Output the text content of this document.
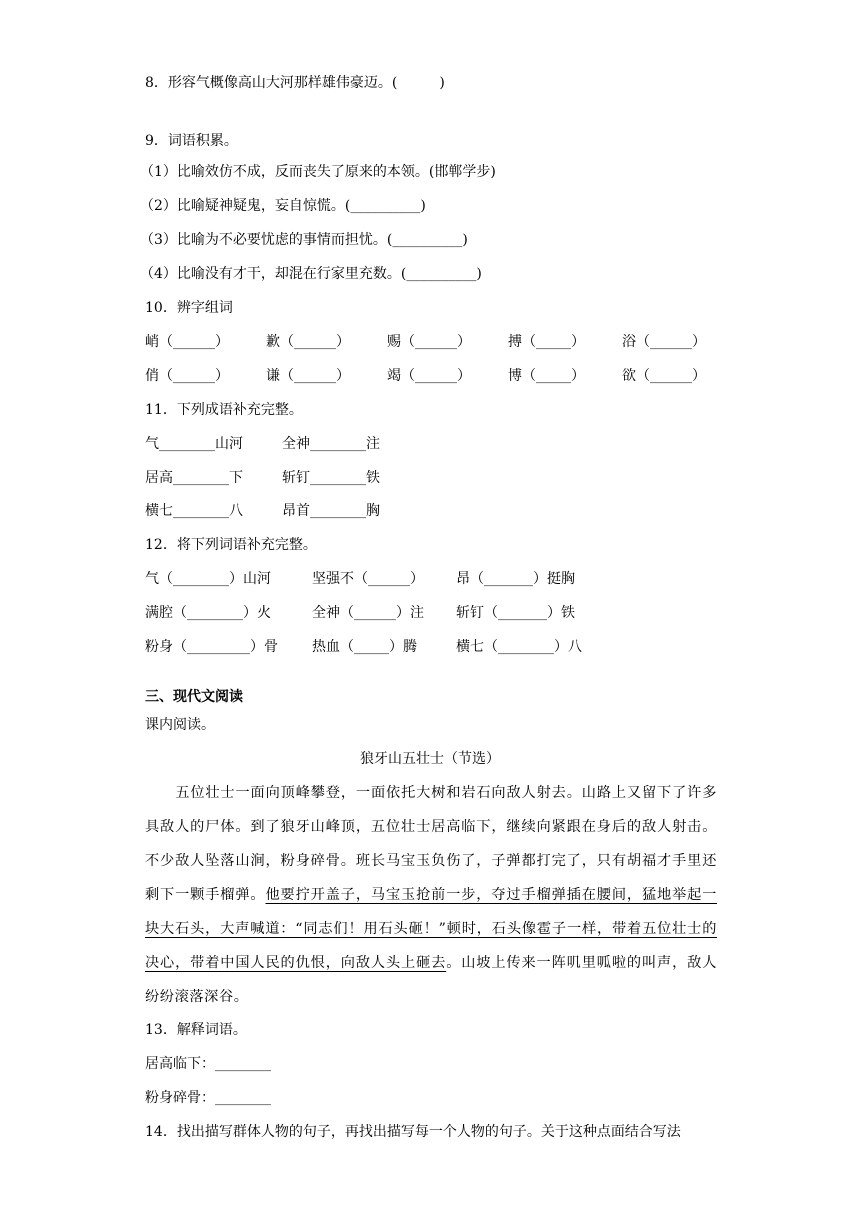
8．形容气概像高山大河那样雄伟豪迈。(　　　)
9．词语积累。
（1）比喻效仿不成，反而丧失了原来的本领。(邯郸学步)
（2）比喻疑神疑鬼，妄自惊慌。(__________)
（3）比喻为不必要忧虑的事情而担忧。(__________)
（4）比喻没有才干，却混在行家里充数。(__________)
10．辨字组词
峭（______）	歉（______）	赐（______）	搏（_____）	浴（______）
俏（______）	谦（______）	竭（______）	博（_____）	欲（______）
11．下列成语补充完整。
气________山河	全神________注
居高________下	斩钉________铁
横七________八	昂首________胸
12．将下列词语补充完整。
气（________）山河	坚强不（______） 昂（_______）挺胸
满腔（________）火	全神（______）注 斩钉（_______）铁
粉身（_________）骨 热血（_____）腾	横七（________）八
三、现代文阅读
课内阅读。
狼牙山五壮士（节选）
五位壮士一面向顶峰攀登，一面依托大树和岩石向敌人射去。山路上又留下了许多具敌人的尸体。到了狼牙山峰顶，五位壮士居高临下，继续向紧跟在身后的敌人射击。不少敌人坠落山涧，粉身碎骨。班长马宝玉负伤了，子弹都打完了，只有胡福才手里还剩下一颗手榴弹。他要拧开盖子，马宝玉抢前一步，夺过手榴弹插在腰间，猛地举起一块大石头，大声喊道：“同志们！用石头砸！”顿时，石头像雹子一样，带着五位壮士的决心，带着中国人民的仇恨，向敌人头上砸去。山坡上传来一阵叽里呱啦的叫声，敌人纷纷滚落深谷。
13．解释词语。
居高临下：________
粉身碎骨：________
14．找出描写群体人物的句子，再找出描写每一个人物的句子。关于这种点面结合写法
